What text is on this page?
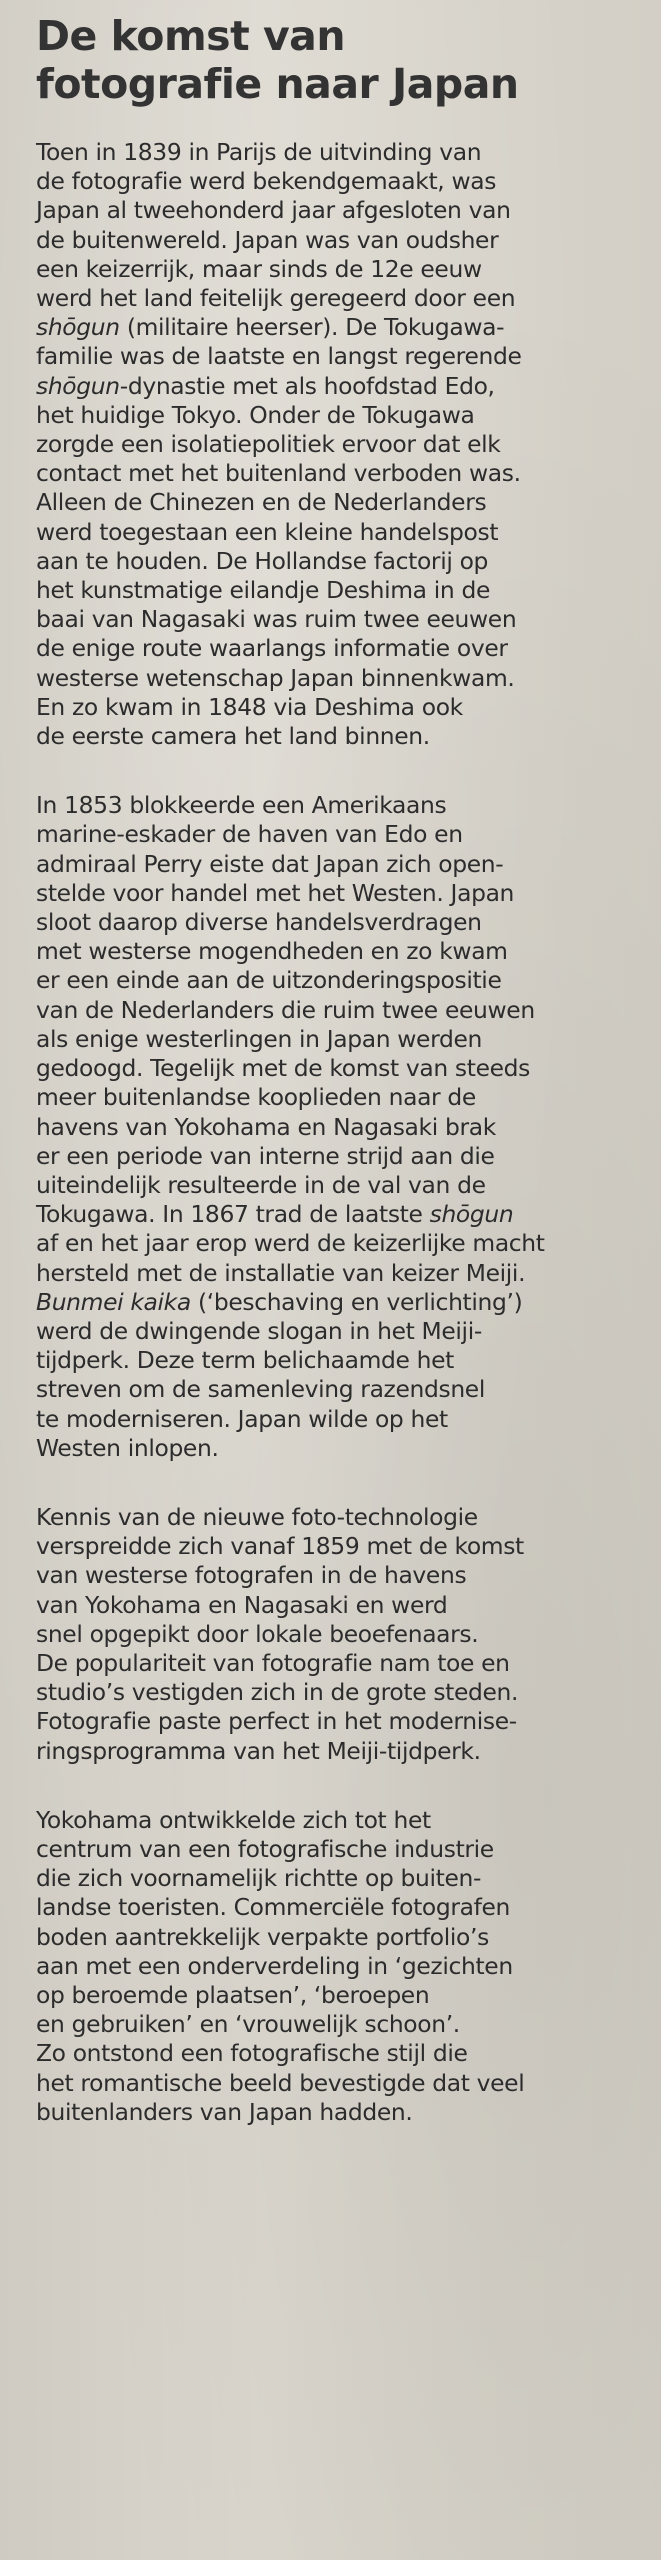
De komst van
fotografie naar Japan

Toen in 1839 in Parijs de uitvinding van
de fotografie werd bekendgemaakt, was
Japan al tweehonderd jaar afgesloten van
de buitenwereld. Japan was van oudsher
een keizerrijk, maar sinds de 12e eeuw
werd het land feitelijk geregeerd door een
shōgun (militaire heerser). De Tokugawa-
familie was de laatste en langst regerende
shōgun-dynastie met als hoofdstad Edo,
het huidige Tokyo. Onder de Tokugawa
zorgde een isolatiepolitiek ervoor dat elk
contact met het buitenland verboden was.
Alleen de Chinezen en de Nederlanders
werd toegestaan een kleine handelspost
aan te houden. De Hollandse factorij op
het kunstmatige eilandje Deshima in de
baai van Nagasaki was ruim twee eeuwen
de enige route waarlangs informatie over
westerse wetenschap Japan binnenkwam.
En zo kwam in 1848 via Deshima ook
de eerste camera het land binnen.

In 1853 blokkeerde een Amerikaans
marine-eskader de haven van Edo en
admiraal Perry eiste dat Japan zich open-
stelde voor handel met het Westen. Japan
sloot daarop diverse handelsverdragen
met westerse mogendheden en zo kwam
er een einde aan de uitzonderingspositie
van de Nederlanders die ruim twee eeuwen
als enige westerlingen in Japan werden
gedoogd. Tegelijk met de komst van steeds
meer buitenlandse kooplieden naar de
havens van Yokohama en Nagasaki brak
er een periode van interne strijd aan die
uiteindelijk resulteerde in de val van de
Tokugawa. In 1867 trad de laatste shōgun
af en het jaar erop werd de keizerlijke macht
hersteld met de installatie van keizer Meiji.
Bunmei kaika (‘beschaving en verlichting’)
werd de dwingende slogan in het Meiji-
tijdperk. Deze term belichaamde het
streven om de samenleving razendsnel
te moderniseren. Japan wilde op het
Westen inlopen.

Kennis van de nieuwe foto-technologie
verspreidde zich vanaf 1859 met de komst
van westerse fotografen in de havens
van Yokohama en Nagasaki en werd
snel opgepikt door lokale beoefenaars.
De populariteit van fotografie nam toe en
studio’s vestigden zich in de grote steden.
Fotografie paste perfect in het modernise-
ringsprogramma van het Meiji-tijdperk.

Yokohama ontwikkelde zich tot het
centrum van een fotografische industrie
die zich voornamelijk richtte op buiten-
landse toeristen. Commerciële fotografen
boden aantrekkelijk verpakte portfolio’s
aan met een onderverdeling in ‘gezichten
op beroemde plaatsen’, ‘beroepen
en gebruiken’ en ‘vrouwelijk schoon’.
Zo ontstond een fotografische stijl die
het romantische beeld bevestigde dat veel
buitenlanders van Japan hadden.
